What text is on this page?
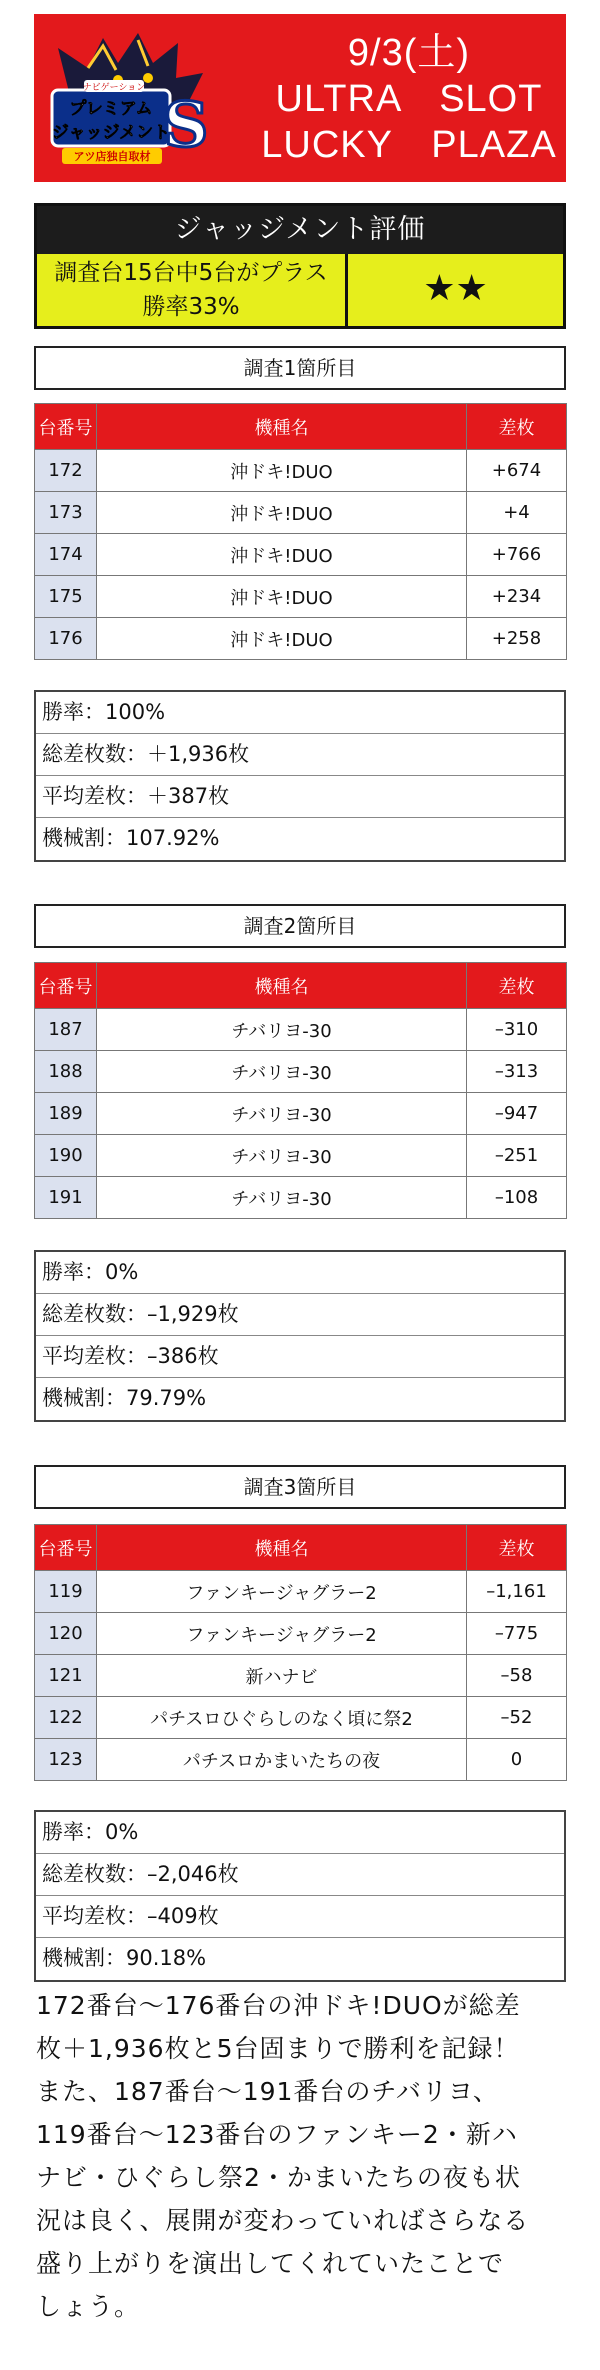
プレミアム
ジャッジメント
S
アツ店独自取材
ナビゲーション
9/3(土)
ULTRA　SLOT
LUCKY　PLAZA
ジャッジメント評価
調査台15台中5台がプラス
勝率33%	★★
調査1箇所目
台番号	機種名	差枚
172	沖ドキ!DUO	+674
173	沖ドキ!DUO	+4
174	沖ドキ!DUO	+766
175	沖ドキ!DUO	+234
176	沖ドキ!DUO	+258
勝率：100%
総差枚数：＋1,936枚
平均差枚：＋387枚
機械割：107.92%
調査2箇所目
台番号	機種名	差枚
187	チバリヨ-30	–310
188	チバリヨ-30	–313
189	チバリヨ-30	–947
190	チバリヨ-30	–251
191	チバリヨ-30	–108
勝率：0%
総差枚数：–1,929枚
平均差枚：–386枚
機械割：79.79%
調査3箇所目
台番号	機種名	差枚
119	ファンキージャグラー2	–1,161
120	ファンキージャグラー2	–775
121	新ハナビ	–58
122	パチスロひぐらしのなく頃に祭2	–52
123	パチスロかまいたちの夜	0
勝率：0%
総差枚数：–2,046枚
平均差枚：–409枚
機械割：90.18%
172番台〜176番台の沖ドキ!DUOが総差
枚＋1,936枚と5台固まりで勝利を記録！
また、187番台〜191番台のチバリヨ、
119番台〜123番台のファンキー2・新ハ
ナビ・ひぐらし祭2・かまいたちの夜も状
況は良く、展開が変わっていればさらなる
盛り上がりを演出してくれていたことで
しょう。
